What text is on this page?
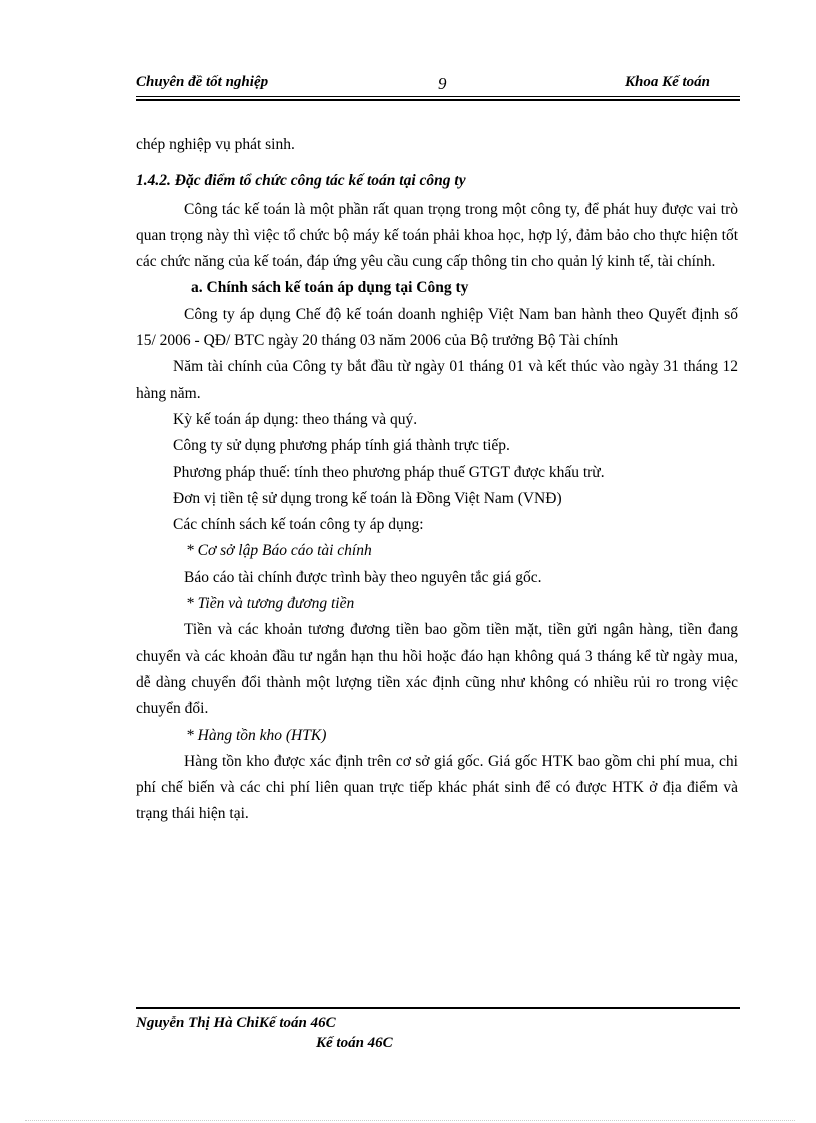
Chuyên đề tốt nghiệp	9	Khoa Kế toán

chép nghiệp vụ phát sinh.

1.4.2. Đặc điểm tổ chức công tác kế toán tại công ty

Công tác kế toán là một phần rất quan trọng trong một công ty, để phát huy được vai trò quan trọng này thì việc tổ chức bộ máy kế toán phải khoa học, hợp lý, đảm bảo cho thực hiện tốt các chức năng của kế toán, đáp ứng yêu cầu cung cấp thông tin cho quản lý kinh tế, tài chính.

a. Chính sách kế toán áp dụng tại Công ty

Công ty áp dụng Chế độ kế toán doanh nghiệp Việt Nam ban hành theo Quyết định số 15/ 2006 - QĐ/ BTC ngày 20 tháng 03 năm 2006 của Bộ trưởng Bộ Tài chính

Năm tài chính của Công ty bắt đầu từ ngày 01 tháng 01 và kết thúc vào ngày 31 tháng 12 hàng năm.

Kỳ kế toán áp dụng: theo tháng và quý.

Công ty sử dụng phương pháp tính giá thành trực tiếp.

Phương pháp thuế: tính theo phương pháp thuế GTGT được khấu trừ.

Đơn vị tiền tệ sử dụng trong kế toán là Đồng Việt Nam (VNĐ)

Các chính sách kế toán công ty áp dụng:

* Cơ sở lập Báo cáo tài chính

Báo cáo tài chính được trình bày theo nguyên tắc giá gốc.

* Tiền và tương đương tiền

Tiền và các khoản tương đương tiền bao gồm tiền mặt, tiền gửi ngân hàng, tiền đang chuyển và các khoản đầu tư ngắn hạn thu hồi hoặc đáo hạn không quá 3 tháng kể từ ngày mua, dễ dàng chuyển đổi thành một lượng tiền xác định cũng như không có nhiều rủi ro trong việc chuyển đổi.

* Hàng tồn kho (HTK)

Hàng tồn kho được xác định trên cơ sở giá gốc. Giá gốc HTK bao gồm chi phí mua, chi phí chế biến và các chi phí liên quan trực tiếp khác phát sinh để có được HTK ở địa điểm và trạng thái hiện tại.

Nguyễn Thị Hà ChiKế toán 46C
Kế toán 46C
